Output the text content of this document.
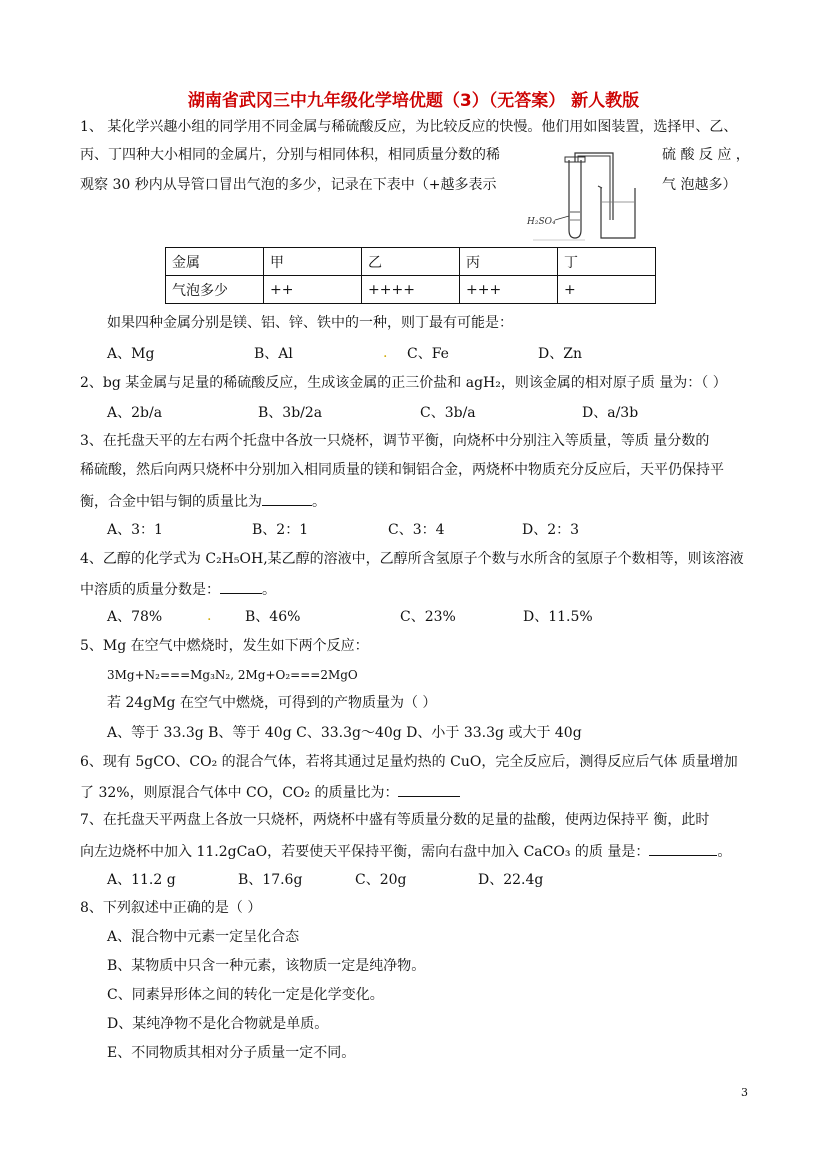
湖南省武冈三中九年级化学培优题（3）（无答案） 新人教版
1、 某化学兴趣小组的同学用不同金属与稀硫酸反应，为比较反应的快慢。他们用如图装置，选择甲、乙、
丙、丁四种大小相同的金属片，分别与相同体积，相同质量分数的稀	硫 酸 反 应 ，
观察 30 秒内从导管口冒出气泡的多少，记录在下表中（+越多表示	气 泡越多）
H₂SO₄
金属	甲	乙	丙	丁
气泡多少	++	++++	+++	+
如果四种金属分别是镁、铝、锌、铁中的一种，则丁最有可能是：
A、Mg	B、Al	. C、Fe	D、Zn
2、bg 某金属与足量的稀硫酸反应，生成该金属的正三价盐和 agH₂，则该金属的相对原子质 量为：（ ）
A、2b/a	B、3b/2a	C、3b/a	D、a/3b
3、在托盘天平的左右两个托盘中各放一只烧杯，调节平衡，向烧杯中分别注入等质量，等质 量分数的
稀硫酸，然后向两只烧杯中分别加入相同质量的镁和铜铝合金，两烧杯中物质充分反应后，天平仍保持平
衡，合金中铝与铜的质量比为	。
A、3：1	B、2：1	C、3：4	D、2：3
4、乙醇的化学式为 C₂H₅OH,某乙醇的溶液中，乙醇所含氢原子个数与水所含的氢原子个数相等，则该溶液
中溶质的质量分数是：	。
A、78%	. B、46%	C、23%	D、11.5%
5、Mg 在空气中燃烧时，发生如下两个反应：
3Mg+N₂===Mg₃N₂, 2Mg+O₂===2MgO
若 24gMg 在空气中燃烧，可得到的产物质量为（ ）
A、等于 33.3g B、等于 40g C、33.3g～40g D、小于 33.3g 或大于 40g
6、现有 5gCO、CO₂ 的混合气体，若将其通过足量灼热的 CuO，完全反应后，测得反应后气体 质量增加
了 32%，则原混合气体中 CO，CO₂ 的质量比为：
7、在托盘天平两盘上各放一只烧杯，两烧杯中盛有等质量分数的足量的盐酸，使两边保持平 衡，此时
向左边烧杯中加入 11.2gCaO，若要使天平保持平衡，需向右盘中加入 CaCO₃ 的质 量是：	。
A、11.2 g	B、17.6g	C、20g	D、22.4g
8、下列叙述中正确的是（ ）
A、混合物中元素一定呈化合态
B、某物质中只含一种元素，该物质一定是纯净物。
C、同素异形体之间的转化一定是化学变化。
D、某纯净物不是化合物就是单质。
E、不同物质其相对分子质量一定不同。
3
